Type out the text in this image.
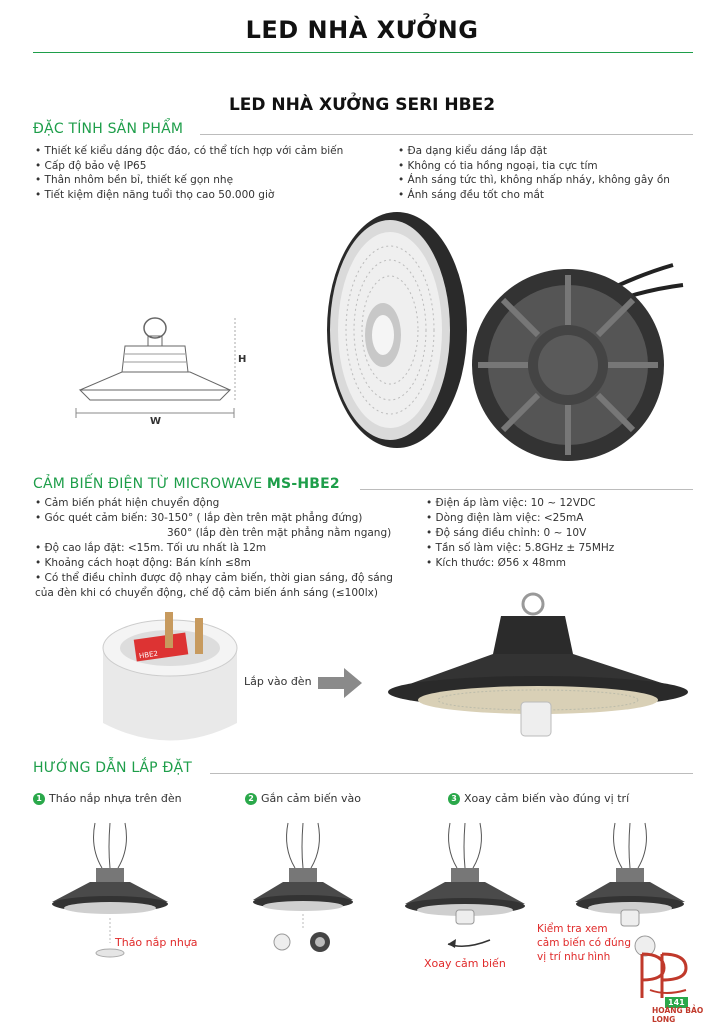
LED NHÀ XƯỞNG
LED NHÀ XƯỞNG SERI HBE2
ĐẶC TÍNH SẢN PHẨM
• Thiết kế kiểu dáng độc đáo, có thể tích hợp với cảm biến
• Cấp độ bảo vệ IP65
• Thân nhôm bền bỉ, thiết kế gọn nhẹ
• Tiết kiệm điện năng tuổi thọ cao 50.000 giờ
• Đa dạng kiểu dáng lắp đặt
• Không có tia hồng ngoại, tia cực tím
• Ánh sáng tức thì, không nhấp nháy, không gây ồn
• Ánh sáng đều tốt cho mắt
H
W
CẢM BIẾN ĐIỆN TỪ MICROWAVE MS-HBE2
• Cảm biến phát hiện chuyển động
• Góc quét cảm biến: 30-150° ( lắp đèn trên mặt phẳng đứng)
360° (lắp đèn trên mặt phẳng nằm ngang)
• Độ cao lắp đặt: <15m. Tối ưu nhất là 12m
• Khoảng cách hoạt động: Bán kính ≤8m
• Có thể điều chỉnh được độ nhạy cảm biến, thời gian sáng, độ sáng
của đèn khi có chuyển động, chế độ cảm biến ánh sáng (≤100lx)
• Điện áp làm việc: 10 ~ 12VDC
• Dòng điện làm việc: <25mA
• Độ sáng điều chỉnh: 0 ~ 10V
• Tần số làm việc: 5.8GHz ± 75MHz
• Kích thước: Ø56 x 48mm
HBE2
Lắp vào đèn
HƯỚNG DẪN LẮP ĐẶT
1 Tháo nắp nhựa trên đèn	2 Gắn cảm biến vào	3 Xoay cảm biến vào đúng vị trí
Tháo nắp nhựa
Xoay cảm biến
Kiểm tra xem
cảm biến có đúng
vị trí như hình
141
HOÀNG BẢO LONG
